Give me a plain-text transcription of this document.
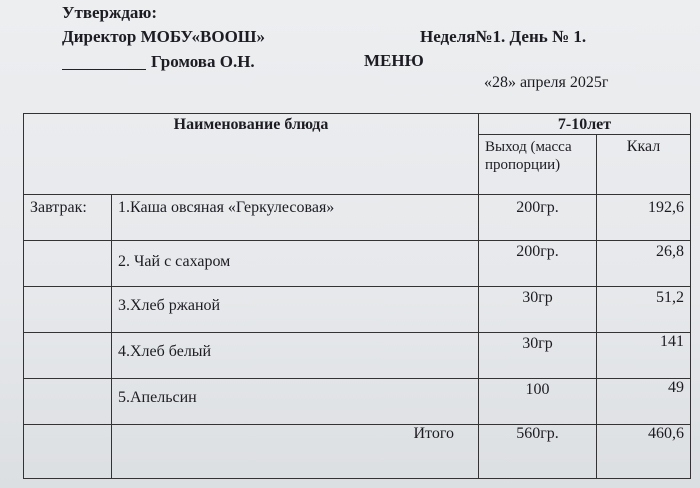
Утверждаю:
Директор МОБУ«ВООШ»	Неделя№1. День № 1.
Громова О.Н.	МЕНЮ
«28» апреля 2025г
Наименование блюда		7-10лет	
		Выход (масса пропорции)	Ккал
Завтрак:	1.Каша овсяная «Геркулесовая»	200гр.	192,6
	2. Чай с сахаром	200гр.	26,8
	3.Хлеб ржаной	30гр	51,2
	4.Хлеб белый	30гр	141
	5.Апельсин	100	49
	Итого	560гр.	460,6
